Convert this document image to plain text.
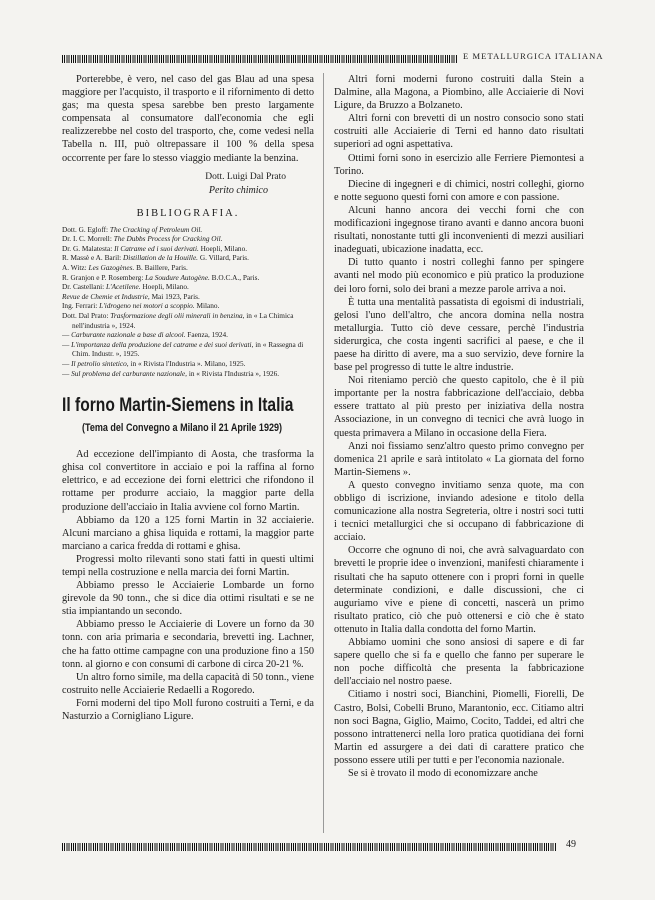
E METALLURGICA ITALIANA

Porterebbe, è vero, nel caso del gas Blau ad una spesa maggiore per l'acquisto, il trasporto e il rifornimento di detto gas; ma questa spesa sarebbe ben presto largamente compensata al consumatore dall'economia che egli realizzerebbe nel costo del trasporto, che, come vedesi nella Tabella n. III, può oltrepassare il 100 % della spesa occorrente per fare lo stesso viaggio mediante la benzina.

Dott. Luigi Dal Prato

Perito chimico

BIBLIOGRAFIA.

Dott. G. Egloff: The Cracking of Petroleum Oil.

Dr. I. C. Morrell: The Dubbs Process for Cracking Oil.

Dr. G. Malatesta: Il Catrame ed i suoi derivati. Hoepli, Milano.

R. Massè e A. Baril: Distillation de la Houille. G. Villard, Paris.

A. Witz: Les Gazogènes. B. Baillere, Paris.

R. Granjon e P. Rosemberg: La Soudure Autogène. B.O.C.A., Paris.

Dr. Castellani: L'Acetilene. Hoepli, Milano.

Revue de Chemie et Industrie, Mai 1923, Paris.

Ing. Ferrari: L'idrogeno nei motori a scoppio. Milano.

Dott. Dal Prato: Trasformazione degli olii minerali in benzina, in « La Chimica nell'industria », 1924.

— Carburante nazionale a base di alcool. Faenza, 1924.

— L'importanza della produzione del catrame e dei suoi derivati, in « Rassegna di Chim. Industr. », 1925.

— Il petrolio sintetico, in « Rivista l'Industria ». Milano, 1925.

— Sul problema del carburante nazionale, in « Rivista l'Industria », 1926.

Il forno Martin-Siemens in Italia
(Tema del Convegno a Milano il 21 Aprile 1929)

Ad eccezione dell'impianto di Aosta, che trasforma la ghisa col convertitore in acciaio e poi la raffina al forno elettrico, e ad eccezione dei forni elettrici che rifondono il rottame per produrre acciaio, la maggior parte della produzione dell'acciaio in Italia avviene col forno Martin.

Abbiamo da 120 a 125 forni Martin in 32 acciaierie. Alcuni marciano a ghisa liquida e rottami, la maggior parte marciano a carica fredda di rottami e ghisa.

Progressi molto rilevanti sono stati fatti in questi ultimi tempi nella costruzione e nella marcia dei forni Martin.

Abbiamo presso le Acciaierie Lombarde un forno girevole da 90 tonn., che si dice dia ottimi risultati e se ne stia impiantando un secondo.

Abbiamo presso le Acciaierie di Lovere un forno da 30 tonn. con aria primaria e secondaria, brevetti ing. Lachner, che ha fatto ottime campagne con una produzione fino a 150 tonn. al giorno e con consumi di carbone di circa 20-21 %.

Un altro forno simile, ma della capacità di 50 tonn., viene costruito nelle Acciaierie Redaelli a Rogoredo.

Forni moderni del tipo Moll furono costruiti a Terni, e da Nasturzio a Cornigliano Ligure.

Altri forni moderni furono costruiti dalla Stein a Dalmine, alla Magona, a Piombino, alle Acciaierie di Novi Ligure, da Bruzzo a Bolzaneto.

Altri forni con brevetti di un nostro consocio sono stati costruiti alle Acciaierie di Terni ed hanno dato risultati superiori ad ogni aspettativa.

Ottimi forni sono in esercizio alle Ferriere Piemontesi a Torino.

Diecine di ingegneri e di chimici, nostri colleghi, giorno e notte seguono questi forni con amore e con passione.

Alcuni hanno ancora dei vecchi forni che con modificazioni ingegnose tirano avanti e danno ancora buoni risultati, nonostante tutti gli inconvenienti di mezzi ausiliari inadeguati, ubicazione inadatta, ecc.

Di tutto quanto i nostri colleghi fanno per spingere avanti nel modo più economico e più pratico la produzione dei loro forni, solo dei brani a mezze parole arriva a noi.

È tutta una mentalità passatista di egoismi di industriali, gelosi l'uno dell'altro, che ancora domina nella nostra metallurgia. Tutto ciò deve cessare, perchè l'industria siderurgica, che costa ingenti sacrifici al paese, e che il paese ha diritto di avere, ma a suo servizio, deve fornire la base pel progresso di tutte le altre industrie.

Noi riteniamo perciò che questo capitolo, che è il più importante per la nostra fabbricazione dell'acciaio, debba essere trattato al più presto per iniziativa della nostra Associazione, in un convegno di tecnici che avrà luogo in questa primavera a Milano in occasione della Fiera.

Anzi noi fissiamo senz'altro questo primo convegno per domenica 21 aprile e sarà intitolato « La giornata del forno Martin-Siemens ».

A questo convegno invitiamo senza quote, ma con obbligo di iscrizione, inviando adesione e titolo della comunicazione alla nostra Segreteria, oltre i nostri soci tutti i tecnici metallurgici che si occupano di fabbricazione di acciaio.

Occorre che ognuno di noi, che avrà salvaguardato con brevetti le proprie idee o invenzioni, manifesti chiaramente i risultati che ha saputo ottenere con i propri forni in quelle determinate condizioni, e dalle discussioni, che ci auguriamo vive e piene di concetti, nascerà un primo risultato pratico, ciò che può ottenersi e ciò che è stato ottenuto in Italia dalla condotta del forno Martin.

Abbiamo uomini che sono ansiosi di sapere e di far sapere quello che si fa e quello che fanno per superare le non poche difficoltà che presenta la fabbricazione dell'acciaio nel nostro paese.

Citiamo i nostri soci, Bianchini, Piomelli, Fiorelli, De Castro, Bolsi, Cobelli Bruno, Marantonio, ecc. Citiamo altri non soci Bagna, Giglio, Maimo, Cocito, Taddei, ed altri che possono intrattenerci nella loro pratica quotidiana dei forni Martin ed assurgere a dei dati di carattere pratico che possono essere utili per tutti e per l'economia nazionale.

Se si è trovato il modo di economizzare anche

49
